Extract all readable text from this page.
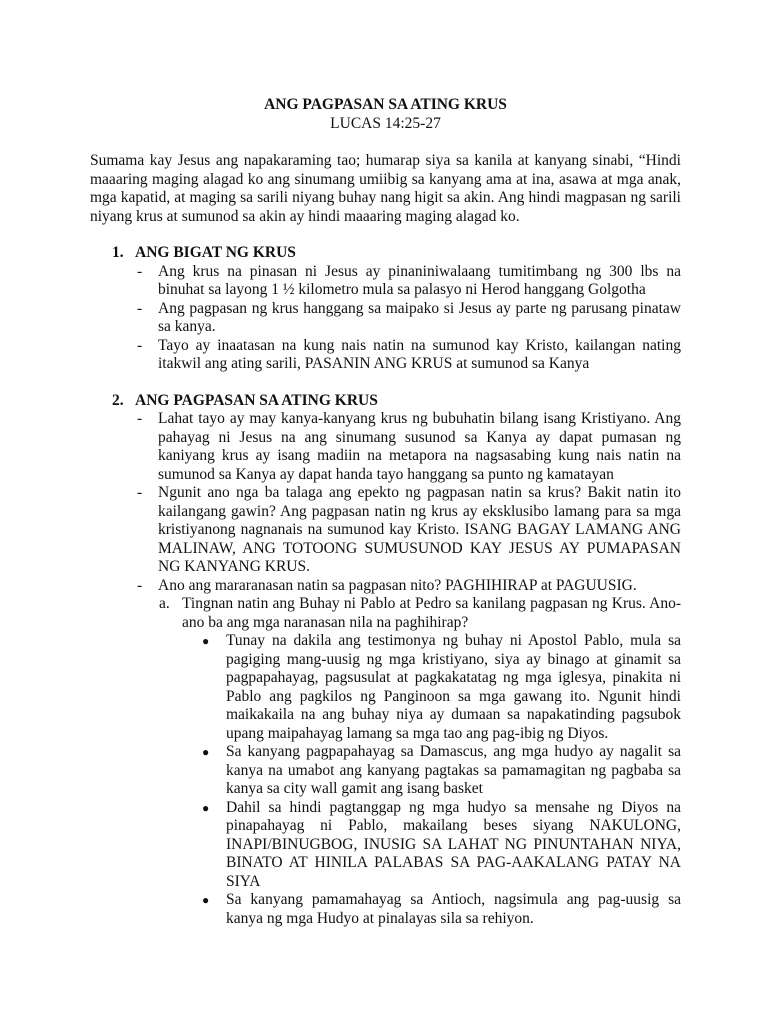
ANG PAGPASAN SA ATING KRUS

LUCAS 14:25-27

Sumama kay Jesus ang napakaraming tao; humarap siya sa kanila at kanyang sinabi, “Hindi maaaring maging alagad ko ang sinumang umiibig sa kanyang ama at ina, asawa at mga anak, mga kapatid, at maging sa sarili niyang buhay nang higit sa akin. Ang hindi magpasan ng sarili niyang krus at sumunod sa akin ay hindi maaaring maging alagad ko.

1. ANG BIGAT NG KRUS
-	Ang krus na pinasan ni Jesus ay pinaniniwalaang tumitimbang ng 300 lbs na binuhat sa layong 1 ½ kilometro mula sa palasyo ni Herod hanggang Golgotha
-	Ang pagpasan ng krus hanggang sa maipako si Jesus ay parte ng parusang pinataw sa kanya.
-	Tayo ay inaatasan na kung nais natin na sumunod kay Kristo, kailangan nating itakwil ang ating sarili, PASANIN ANG KRUS at sumunod sa Kanya
2. ANG PAGPASAN SA ATING KRUS
-	Lahat tayo ay may kanya-kanyang krus ng bubuhatin bilang isang Kristiyano. Ang pahayag ni Jesus na ang sinumang susunod sa Kanya ay dapat pumasan ng kaniyang krus ay isang madiin na metapora na nagsasabing kung nais natin na sumunod sa Kanya ay dapat handa tayo hanggang sa punto ng kamatayan
-	Ngunit ano nga ba talaga ang epekto ng pagpasan natin sa krus? Bakit natin ito kailangang gawin? Ang pagpasan natin ng krus ay eksklusibo lamang para sa mga kristiyanong nagnanais na sumunod kay Kristo. ISANG BAGAY LAMANG ANG MALINAW, ANG TOTOONG SUMUSUNOD KAY JESUS AY PUMAPASAN NG KANYANG KRUS.
-	Ano ang mararanasan natin sa pagpasan nito? PAGHIHIRAP at PAGUUSIG.
a. Tingnan natin ang Buhay ni Pablo at Pedro sa kanilang pagpasan ng Krus. Ano-ano ba ang mga naranasan nila na paghihirap?
●	Tunay na dakila ang testimonya ng buhay ni Apostol Pablo, mula sa pagiging mang-uusig ng mga kristiyano, siya ay binago at ginamit sa pagpapahayag, pagsusulat at pagkakatatag ng mga iglesya, pinakita ni Pablo ang pagkilos ng Panginoon sa mga gawang ito. Ngunit hindi maikakaila na ang buhay niya ay dumaan sa napakatinding pagsubok upang maipahayag lamang sa mga tao ang pag-ibig ng Diyos.
●	Sa kanyang pagpapahayag sa Damascus, ang mga hudyo ay nagalit sa kanya na umabot ang kanyang pagtakas sa pamamagitan ng pagbaba sa kanya sa city wall gamit ang isang basket
●	Dahil sa hindi pagtanggap ng mga hudyo sa mensahe ng Diyos na pinapahayag ni Pablo, makailang beses siyang NAKULONG, INAPI/BINUGBOG, INUSIG SA LAHAT NG PINUNTAHAN NIYA, BINATO AT HINILA PALABAS SA PAG-AAKALANG PATAY NA SIYA
●	Sa kanyang pamamahayag sa Antioch, nagsimula ang pag-uusig sa kanya ng mga Hudyo at pinalayas sila sa rehiyon.
